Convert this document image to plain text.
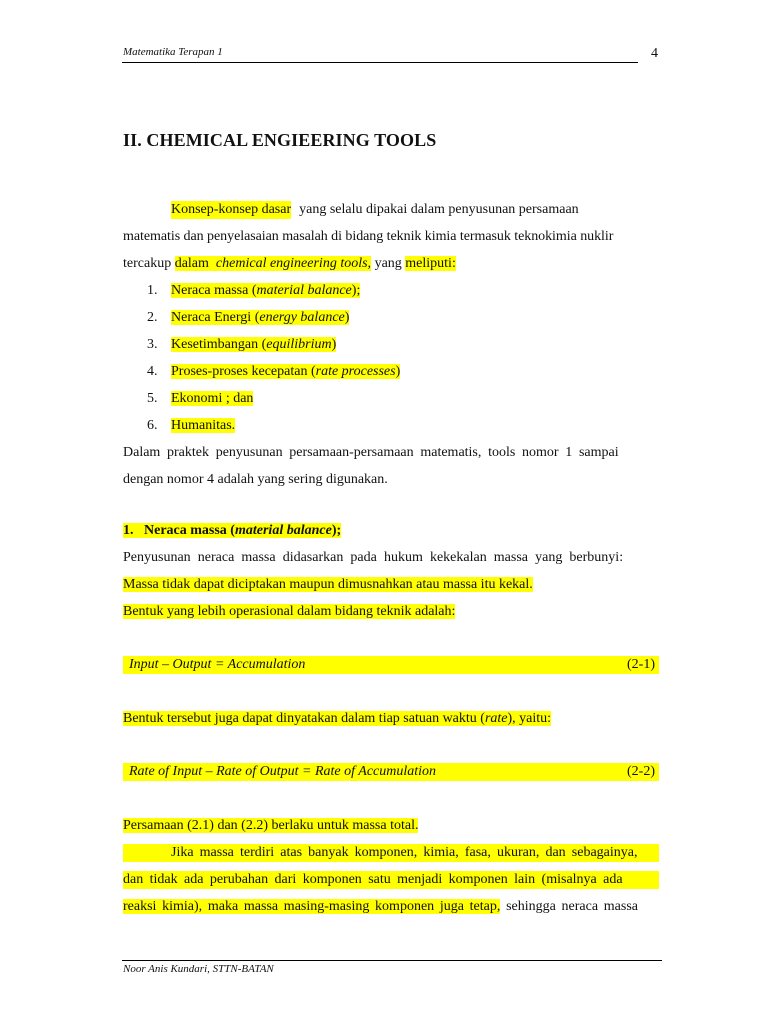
Matematika Terapan 1	4
II. CHEMICAL ENGIEERING TOOLS
Konsep-konsep dasar yang selalu dipakai dalam penyusunan persamaan
matematis dan penyelasaian masalah di bidang teknik kimia termasuk teknokimia nuklir
tercakup dalam  chemical engineering tools, yang meliputi:
1. Neraca massa (material balance);
2. Neraca Energi (energy balance)
3. Kesetimbangan (equilibrium)
4. Proses-proses kecepatan (rate processes)
5. Ekonomi ; dan
6. Humanitas.
Dalam praktek penyusunan persamaan-persamaan matematis, tools nomor 1 sampai
dengan nomor 4 adalah yang sering digunakan.
1. Neraca massa (material balance);
Penyusunan neraca massa didasarkan pada hukum kekekalan massa yang berbunyi:
Massa tidak dapat diciptakan maupun dimusnahkan atau massa itu kekal.
Bentuk yang lebih operasional dalam bidang teknik adalah:
Input – Output = Accumulation	(2-1)
Bentuk tersebut juga dapat dinyatakan dalam tiap satuan waktu (rate), yaitu:
Rate of Input – Rate of Output = Rate of Accumulation	(2-2)
Persamaan (2.1) dan (2.2) berlaku untuk massa total.
Jika massa terdiri atas banyak komponen, kimia, fasa, ukuran, dan sebagainya,
dan tidak ada perubahan dari komponen satu menjadi komponen lain (misalnya ada
reaksi kimia), maka massa masing-masing komponen juga tetap, sehingga neraca massa
Noor Anis Kundari, STTN-BATAN
